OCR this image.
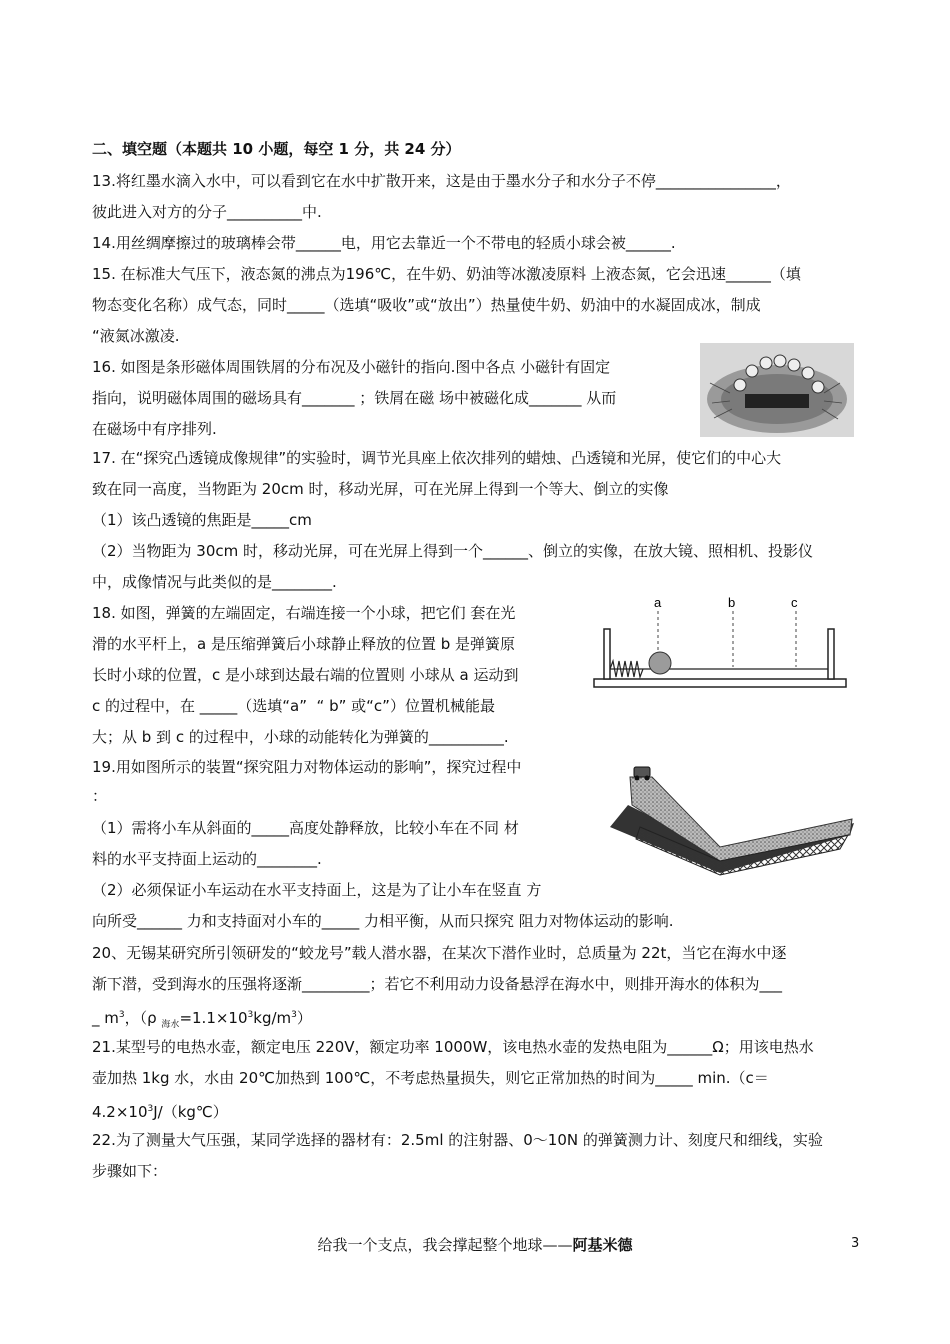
二、填空题（本题共 10 小题，每空 1 分，共 24 分）
13.将红墨水滴入水中，可以看到它在水中扩散开来，这是由于墨水分子和水分子不停________________，
彼此进入对方的分子__________中.
14.用丝绸摩擦过的玻璃棒会带______电，用它去靠近一个不带电的轻质小球会被______.
15. 在标准大气压下，液态氮的沸点为196℃，在牛奶、奶油等冰激凌原料 上液态氮，它会迅速______（填
物态变化名称）成气态，同时_____（选填“吸收”或“放出”）热量使牛奶、奶油中的水凝固成冰，制成
“液氮冰激凌.
16. 如图是条形磁体周围铁屑的分布况及小磁针的指向.图中各点 小磁针有固定
指向，说明磁体周围的磁场具有_______ ；铁屑在磁 场中被磁化成_______ 从而
在磁场中有序排列.
17. 在“探究凸透镜成像规律”的实验时，调节光具座上依次排列的蜡烛、凸透镜和光屏，使它们的中心大
致在同一高度，当物距为 20cm 时，移动光屏，可在光屏上得到一个等大、倒立的实像
（1）该凸透镜的焦距是_____cm
（2）当物距为 30cm 时，移动光屏，可在光屏上得到一个______、倒立的实像，在放大镜、照相机、投影仪
中，成像情况与此类似的是________.
18. 如图，弹簧的左端固定，右端连接一个小球，把它们 套在光
滑的水平杆上，a 是压缩弹簧后小球静止释放的位置 b 是弹簧原
长时小球的位置，c 是小球到达最右端的位置则 小球从 a 运动到
c 的过程中，在 _____（选填“a”  “ b” 或“c”）位置机械能最
大；从 b 到 c 的过程中，小球的动能转化为弹簧的__________.
a	b	c
19.用如图所示的装置“探究阻力对物体运动的影响”，探究过程中
：
（1）需将小车从斜面的_____高度处静释放，比较小车在不同 材
料的水平支持面上运动的________.
（2）必须保证小车运动在水平支持面上，这是为了让小车在竖直 方
向所受______ 力和支持面对小车的_____ 力相平衡，从而只探究 阻力对物体运动的影响.
20、无锡某研究所引领研发的“蛟龙号”载人潜水器，在某次下潜作业时，总质量为 22t，当它在海水中逐
渐下潜，受到海水的压强将逐渐_________；若它不利用动力设备悬浮在海水中，则排开海水的体积为___
_ $m^3$，（ρ $_{海水}=1.1\times 10^3kg/m^3$）
21.某型号的电热水壶，额定电压 220V，额定功率 1000W，该电热水壶的发热电阻为______Ω；用该电热水
壶加热 1kg 水，水由 20℃加热到 100℃，不考虑热量损失，则它正常加热的时间为_____ min.（c＝
$4.2\times 10^3J/(kg℃)$
22.为了测量大气压强，某同学选择的器材有：2.5ml 的注射器、0～10N 的弹簧测力计、刻度尺和细线，实验
步骤如下：
给我一个支点，我会撑起整个地球——阿基米德	3
